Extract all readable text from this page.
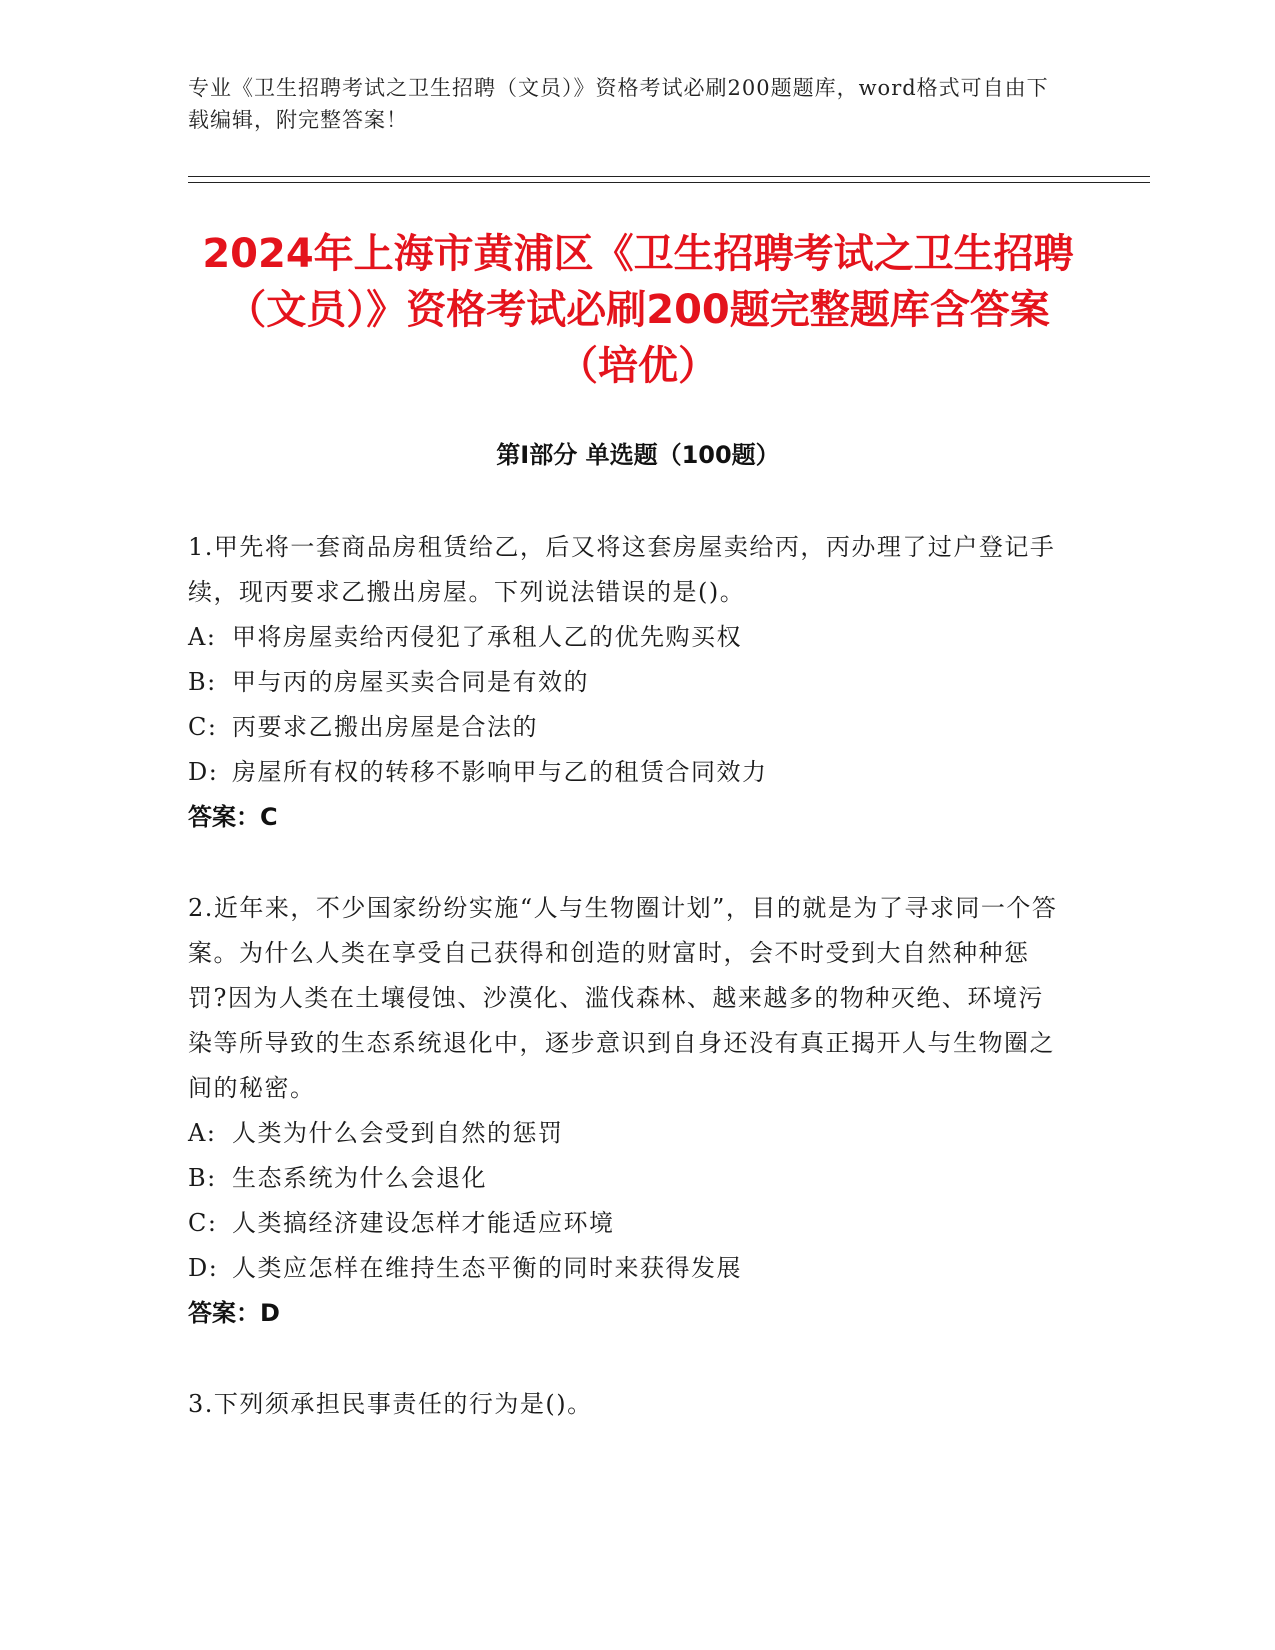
专业《卫生招聘考试之卫生招聘（文员）》资格考试必刷200题题库，word格式可自由下载编辑，附完整答案！
2024年上海市黄浦区《卫生招聘考试之卫生招聘（文员）》资格考试必刷200题完整题库含答案（培优）
第I部分 单选题（100题）
1.甲先将一套商品房租赁给乙，后又将这套房屋卖给丙，丙办理了过户登记手续，现丙要求乙搬出房屋。下列说法错误的是()。
A: 甲将房屋卖给丙侵犯了承租人乙的优先购买权
B: 甲与丙的房屋买卖合同是有效的
C: 丙要求乙搬出房屋是合法的
D: 房屋所有权的转移不影响甲与乙的租赁合同效力
答案：C
2.近年来，不少国家纷纷实施“人与生物圈计划”，目的就是为了寻求同一个答案。为什么人类在享受自己获得和创造的财富时，会不时受到大自然种种惩罚?因为人类在土壤侵蚀、沙漠化、滥伐森林、越来越多的物种灭绝、环境污染等所导致的生态系统退化中，逐步意识到自身还没有真正揭开人与生物圈之间的秘密。
A: 人类为什么会受到自然的惩罚
B: 生态系统为什么会退化
C: 人类搞经济建设怎样才能适应环境
D: 人类应怎样在维持生态平衡的同时来获得发展
答案：D
3.下列须承担民事责任的行为是()。
